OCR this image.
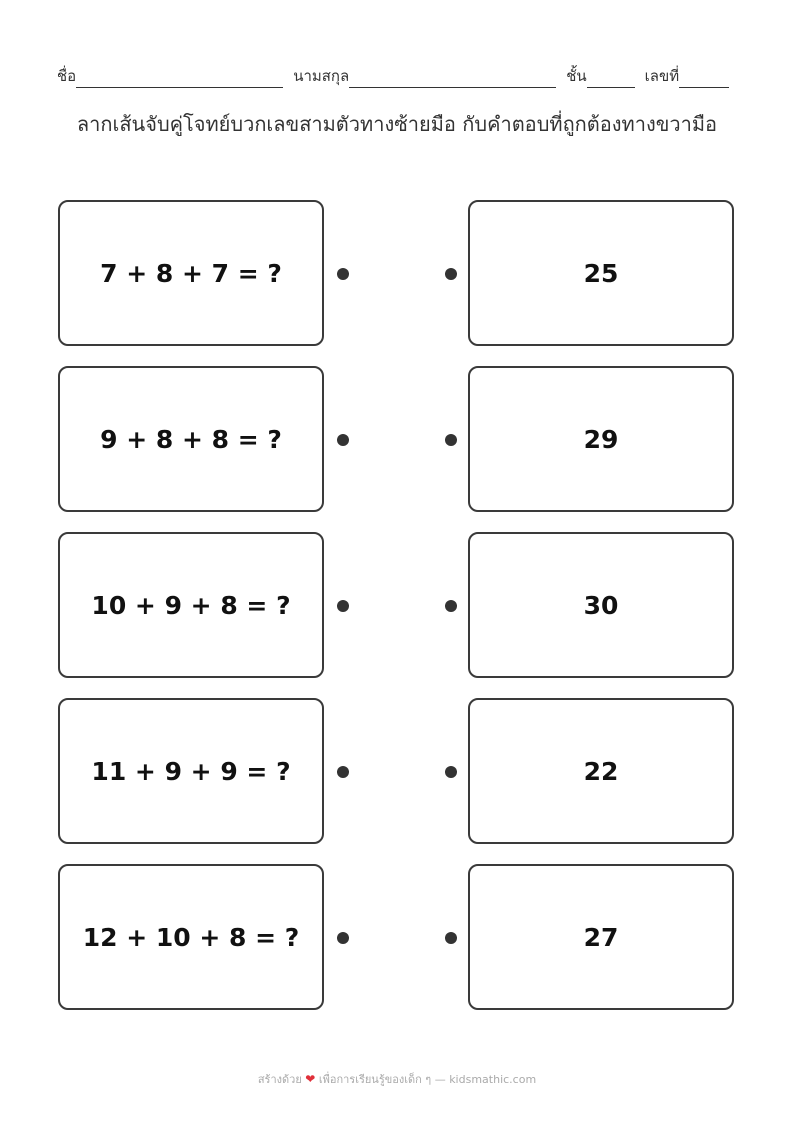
ชื่อ	นามสกุล	ชั้น	เลขที่
ลากเส้นจับคู่โจทย์บวกเลขสามตัวทางซ้ายมือ กับคำตอบที่ถูกต้องทางขวามือ
7 + 8 + 7 = ?	25
9 + 8 + 8 = ?	29
10 + 9 + 8 = ?	30
11 + 9 + 9 = ?	22
12 + 10 + 8 = ?	27
สร้างด้วย ❤ เพื่อการเรียนรู้ของเด็ก ๆ — kidsmathic.com
